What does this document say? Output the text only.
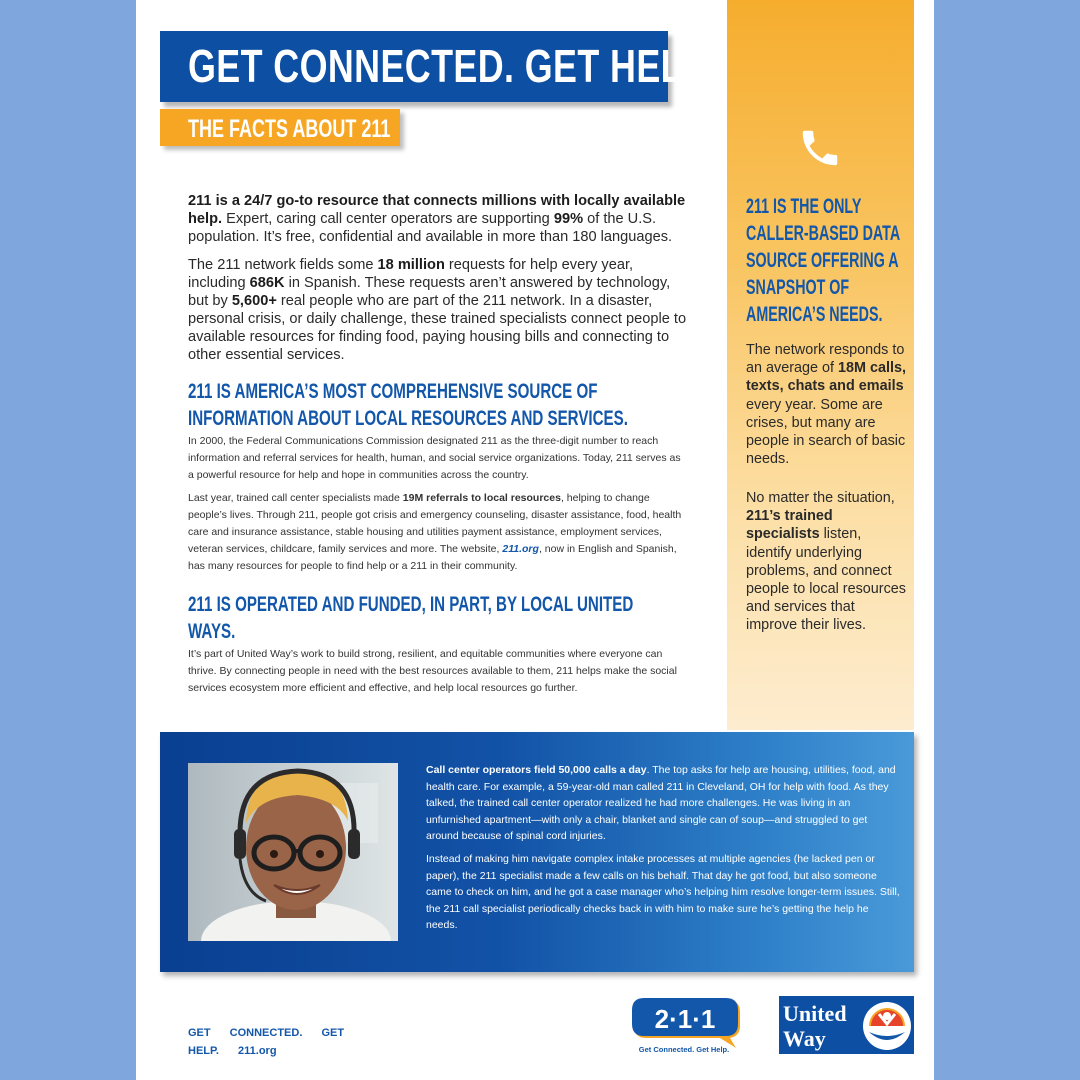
GET CONNECTED. GET HELP.
THE FACTS ABOUT 211

211 is a 24/7 go-to resource that connects millions with locally available help. Expert, caring call center operators are supporting 99% of the U.S. population. It’s free, confidential and available in more than 180 languages.

The 211 network fields some 18 million requests for help every year, including 686K in Spanish. These requests aren’t answered by technology, but by 5,600+ real people who are part of the 211 network. In a disaster, personal crisis, or daily challenge, these trained specialists connect people to available resources for finding food, paying housing bills and connecting to other essential services.

211 IS AMERICA’S MOST COMPREHENSIVE SOURCE OF INFORMATION ABOUT LOCAL RESOURCES AND SERVICES.

In 2000, the Federal Communications Commission designated 211 as the three-digit number to reach information and referral services for health, human, and social service organizations. Today, 211 serves as a powerful resource for help and hope in communities across the country.

Last year, trained call center specialists made 19M referrals to local resources, helping to change people’s lives. Through 211, people got crisis and emergency counseling, disaster assistance, food, health care and insurance assistance, stable housing and utilities payment assistance, employment services, veteran services, childcare, family services and more. The website, 211.org, now in English and Spanish, has many resources for people to find help or a 211 in their community.

211 IS OPERATED AND FUNDED, IN PART, BY LOCAL UNITED WAYS.

It’s part of United Way’s work to build strong, resilient, and equitable communities where everyone can thrive. By connecting people in need with the best resources available to them, 211 helps make the social services ecosystem more efficient and effective, and help local resources go further.

211 IS THE ONLY CALLER-BASED DATA SOURCE OFFERING A SNAPSHOT OF AMERICA’S NEEDS.

The network responds to an average of 18M calls, texts, chats and emails every year. Some are crises, but many are people in search of basic needs.

No matter the situation, 211’s trained specialists listen, identify underlying problems, and connect people to local resources and services that improve their lives.

Call center operators field 50,000 calls a day. The top asks for help are housing, utilities, food, and health care. For example, a 59-year-old man called 211 in Cleveland, OH for help with food. As they talked, the trained call center operator realized he had more challenges. He was living in an unfurnished apartment—with only a chair, blanket and single can of soup—and struggled to get around because of spinal cord injuries.

Instead of making him navigate complex intake processes at multiple agencies (he lacked pen or paper), the 211 specialist made a few calls on his behalf. That day he got food, but also someone came to check on him, and he got a case manager who’s helping him resolve longer-term issues. Still, the 211 call specialist periodically checks back in with him to make sure he’s getting the help he needs.

GET CONNECTED. GET HELP. 211.org
2·1·1
Get Connected. Get Help.
United
Way
